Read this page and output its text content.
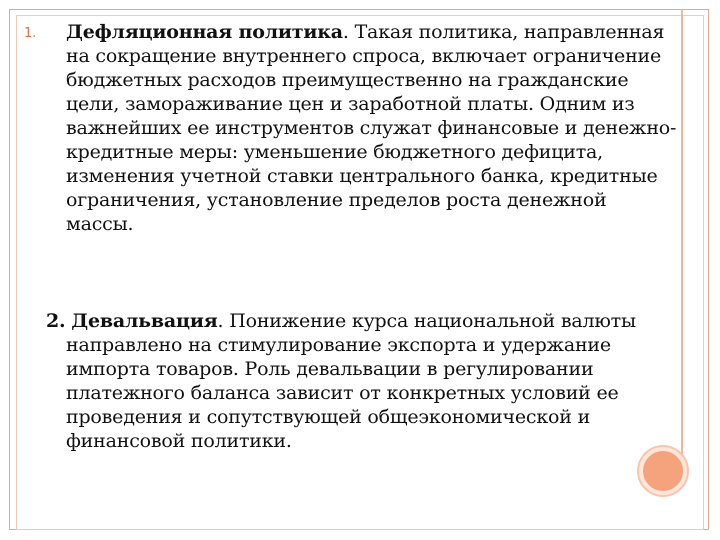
1. Дефляционная политика. Такая политика, направленная на сокращение внутреннего спроса, включает ограничение бюджетных расходов преимущественно на гражданские цели, замораживание цен и заработной платы. Одним из важнейших ее инструментов служат финансовые и денежно-кредитные меры: уменьшение бюджетного дефицита, изменения учетной ставки центрального банка, кредитные ограничения, установление пределов роста денежной массы.
2. Девальвация. Понижение курса национальной валюты направлено на стимулирование экспорта и удержание импорта товаров. Роль девальвации в регулировании платежного баланса зависит от конкретных условий ее проведения и сопутствующей общеэкономической и финансовой политики.
